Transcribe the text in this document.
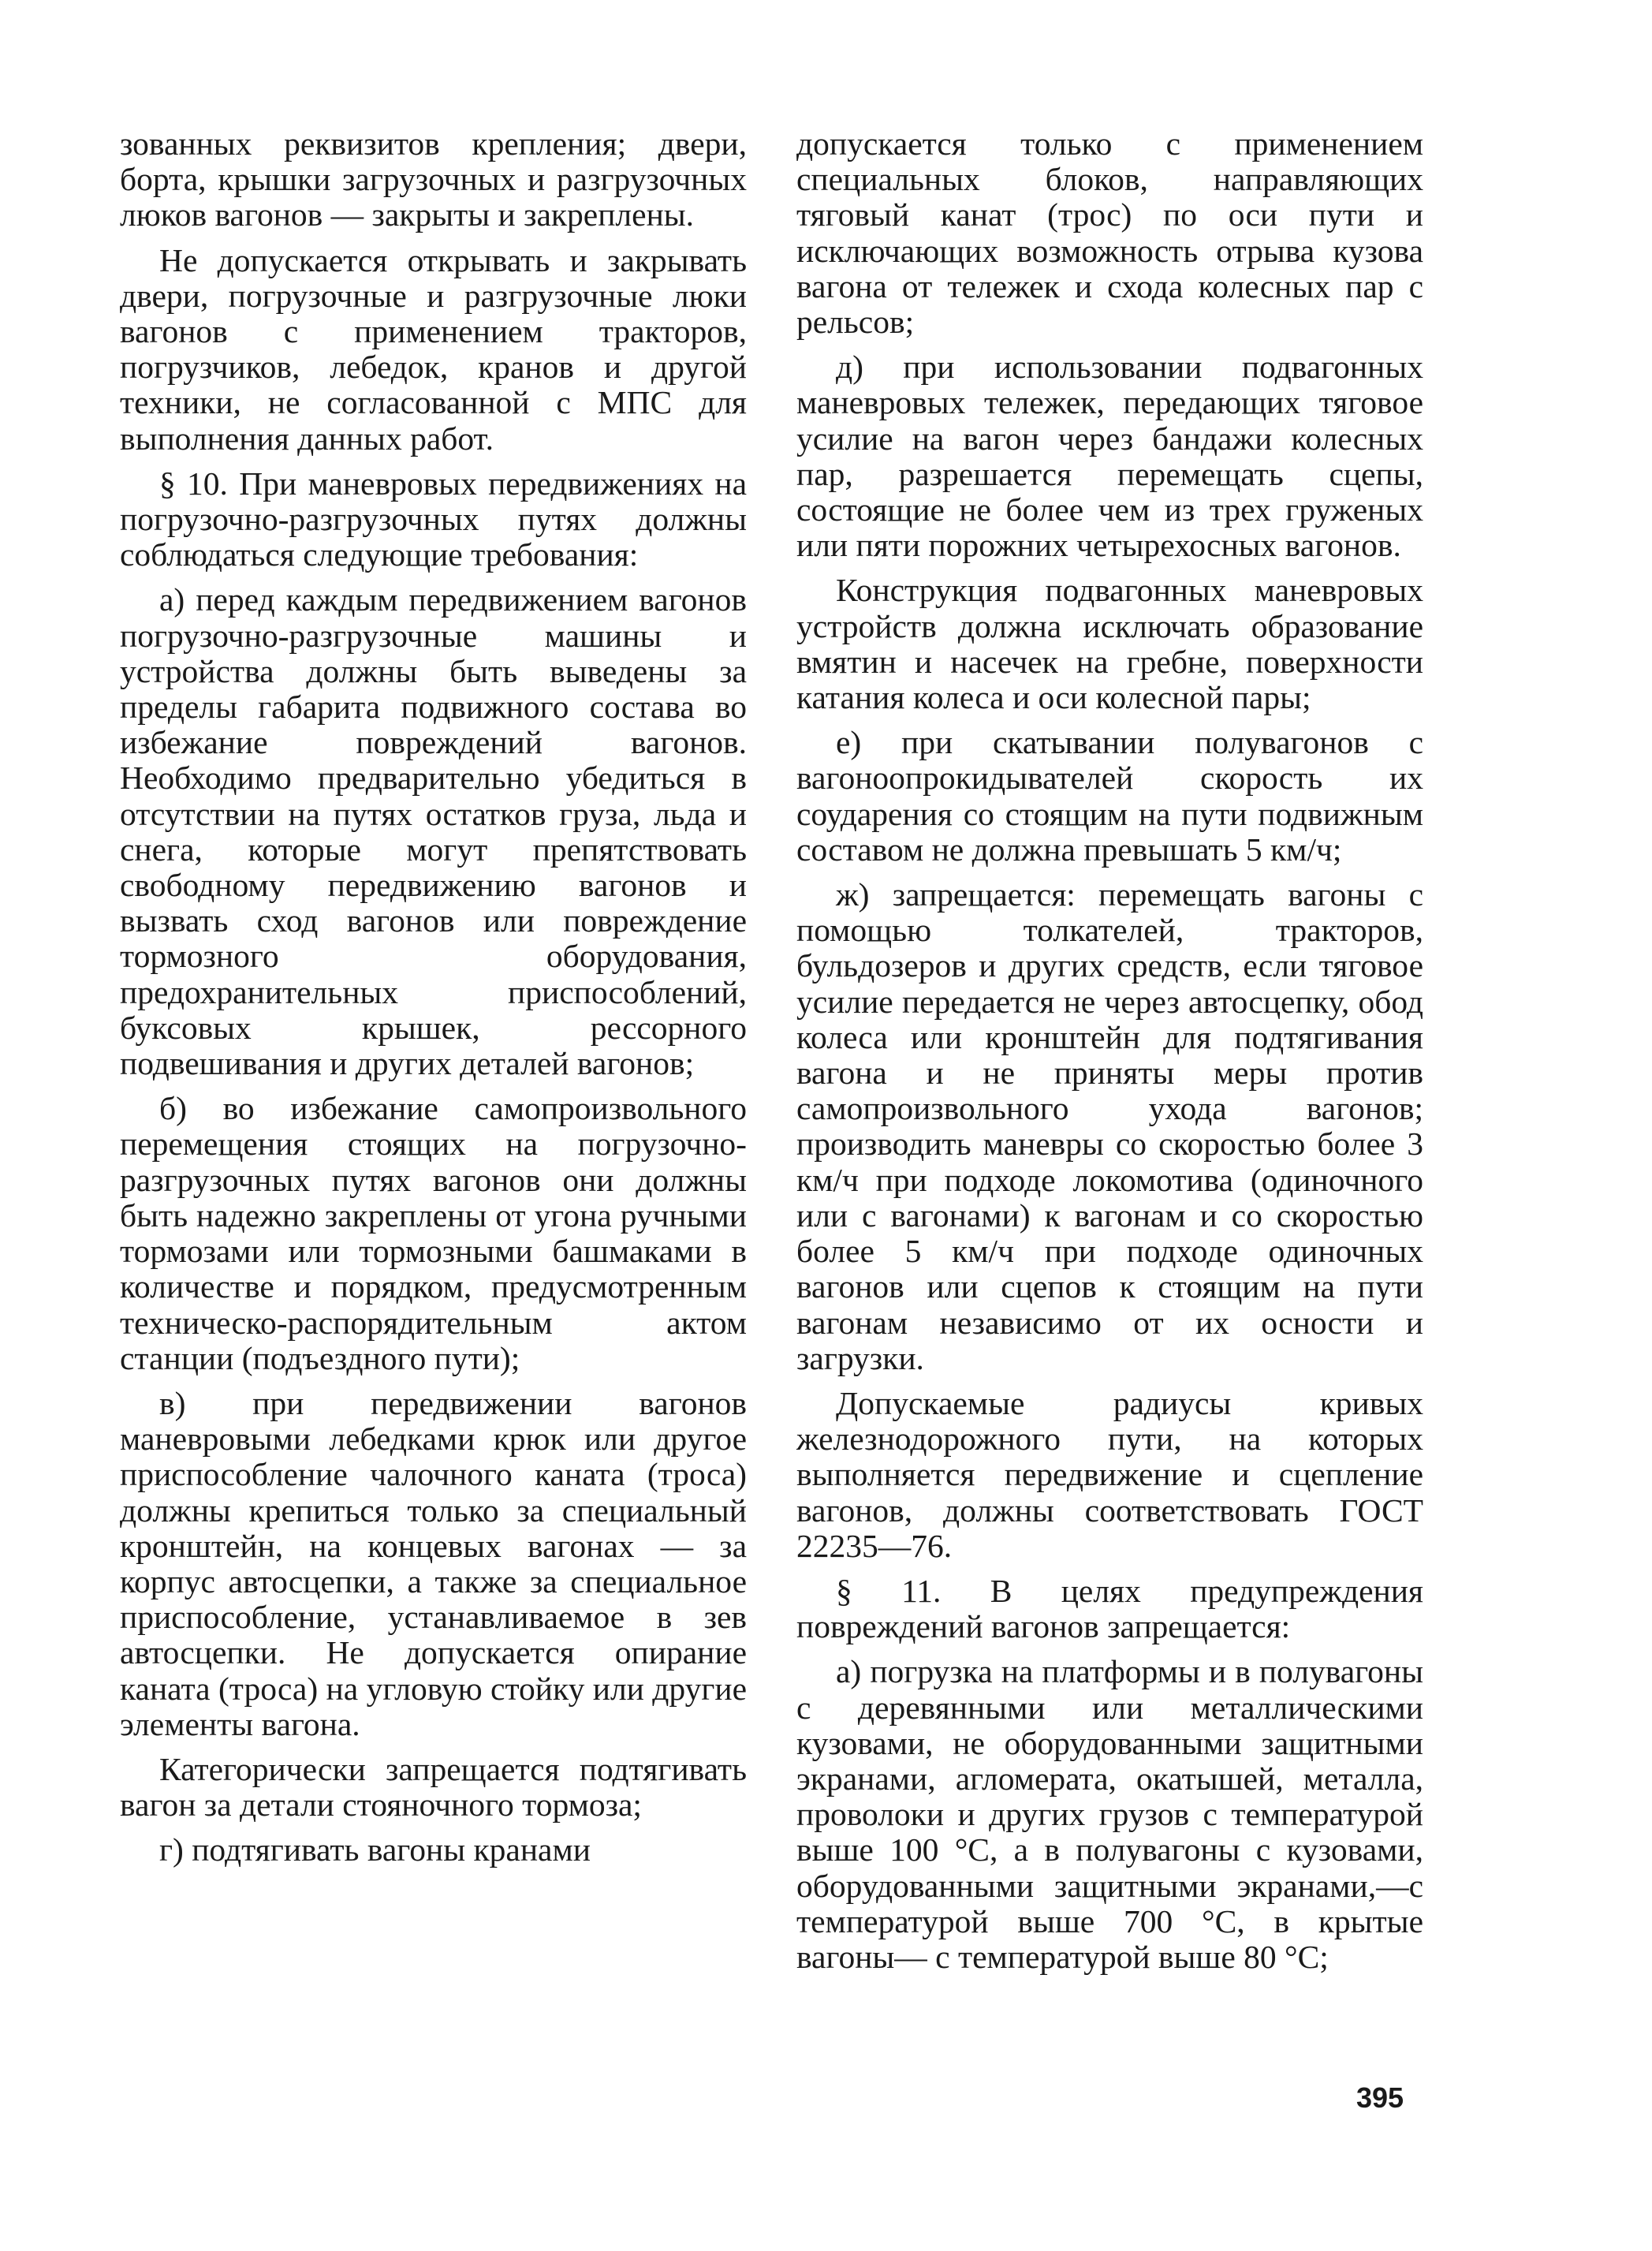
зованных реквизитов крепления; двери, борта, крышки загрузочных и разгрузочных люков вагонов — закрыты и закреплены.

Не допускается открывать и закрывать двери, погрузочные и разгрузочные люки вагонов с применением тракторов, погрузчиков, лебедок, кранов и другой техники, не согласованной с МПС для выполнения данных работ.

§ 10. При маневровых передвижениях на погрузочно-разгрузочных путях должны соблюдаться следующие требования:

а) перед каждым передвижением вагонов погрузочно-разгрузочные машины и устройства должны быть выведены за пределы габарита подвижного состава во избежание повреждений вагонов. Необходимо предварительно убедиться в отсутствии на путях остатков груза, льда и снега, которые могут препятствовать свободному передвижению вагонов и вызвать сход вагонов или повреждение тормозного оборудования, предохранительных приспособлений, буксовых крышек, рессорного подвешивания и других деталей вагонов;

б) во избежание самопроизвольного перемещения стоящих на погрузочно-разгрузочных путях вагонов они должны быть надежно закреплены от угона ручными тормозами или тормозными башмаками в количестве и порядком, предусмотренным техническо-распорядительным актом станции (подъездного пути);

в) при передвижении вагонов маневровыми лебедками крюк или другое приспособление чалочного каната (троса) должны крепиться только за специальный кронштейн, на концевых вагонах — за корпус автосцепки, а также за специальное приспособление, устанавливаемое в зев автосцепки. Не допускается опирание каната (троса) на угловую стойку или другие элементы вагона.

Категорически запрещается подтягивать вагон за детали стояночного тормоза;

г) подтягивать вагоны кранами

допускается только с применением специальных блоков, направляющих тяговый канат (трос) по оси пути и исключающих возможность отрыва кузова вагона от тележек и схода колесных пар с рельсов;

д) при использовании подвагонных маневровых тележек, передающих тяговое усилие на вагон через бандажи колесных пар, разрешается перемещать сцепы, состоящие не более чем из трех груженых или пяти порожних четырехосных вагонов.

Конструкция подвагонных маневровых устройств должна исключать образование вмятин и насечек на гребне, поверхности катания колеса и оси колесной пары;

е) при скатывании полувагонов с вагоноопрокидывателей скорость их соударения со стоящим на пути подвижным составом не должна превышать 5 км/ч;

ж) запрещается: перемещать вагоны с помощью толкателей, тракторов, бульдозеров и других средств, если тяговое усилие передается не через автосцепку, обод колеса или кронштейн для подтягивания вагона и не приняты меры против самопроизвольного ухода вагонов; производить маневры со скоростью более 3 км/ч при подходе локомотива (одиночного или с вагонами) к вагонам и со скоростью более 5 км/ч при подходе одиночных вагонов или сцепов к стоящим на пути вагонам независимо от их осности и загрузки.

Допускаемые радиусы кривых железнодорожного пути, на которых выполняется передвижение и сцепление вагонов, должны соответствовать ГОСТ 22235—76.

§ 11. В целях предупреждения повреждений вагонов запрещается:

а) погрузка на платформы и в полувагоны с деревянными или металлическими кузовами, не оборудованными защитными экранами, агломерата, окатышей, металла, проволоки и других грузов с температурой выше 100 °С, а в полувагоны с кузовами, оборудованными защитными экранами,—с температурой выше 700 °С, в крытые вагоны— с температурой выше 80 °С;

395
